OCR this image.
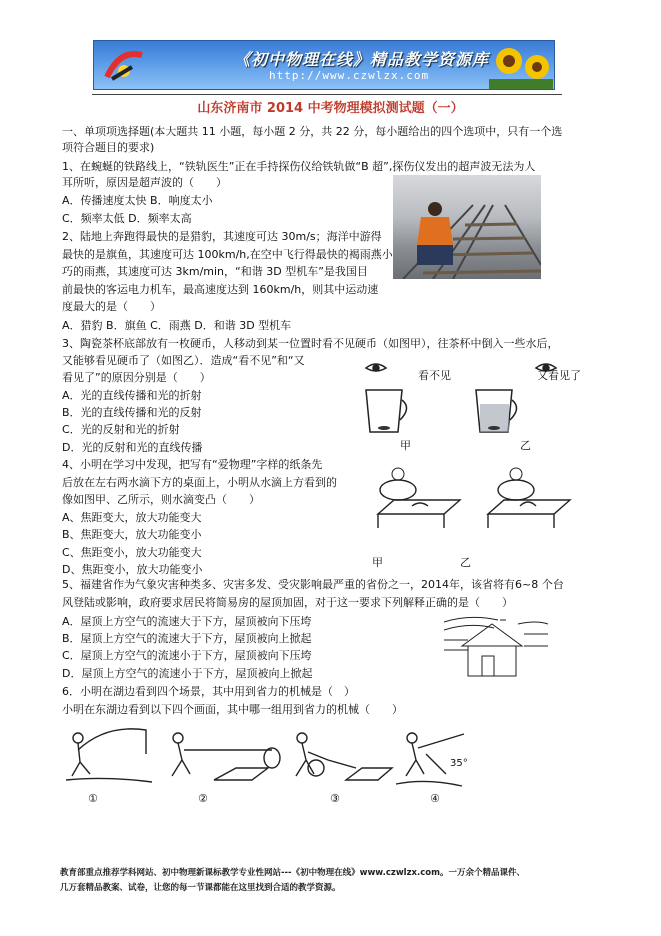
《初中物理在线》精品教学资源库
http://www.czwlzx.com
山东济南市 2014 中考物理模拟测试题（一）
一、单项项选择题(本大题共 11 小题，每小题 2 分，共 22 分，每小题给出的四个选项中，只有一个选
项符合题目的要求)
1、在蜿蜒的铁路线上，“铁轨医生”正在手持探伤仪给铁轨做“B 超”,探伤仪发出的超声波无法为人
耳所听，原因是超声波的（　　）
A．传播速度太快 B．响度太小
C．频率太低 D．频率太高
2、陆地上奔跑得最快的是猎豹，其速度可达 30m/s；海洋中游得
最快的是旗鱼，其速度可达 100km/h,在空中飞行得最快的褐雨燕小
巧的雨燕，其速度可达 3km/min，“和谐 3D 型机车”是我国目
前最快的客运电力机车，最高速度达到 160km/h，则其中运动速
度最大的是（　　）
A．猎豹 B．旗鱼 C．雨燕 D．和谐 3D 型机车
3、陶瓷茶杯底部放有一枚硬币，人移动到某一位置时看不见硬币（如图甲），往茶杯中倒入一些水后，
又能够看见硬币了（如图乙）．造成“看不见”和“又
看见了”的原因分别是（　　）
A．光的直线传播和光的折射
B．光的直线传播和光的反射
C．光的反射和光的折射
D．光的反射和光的直线传播
看不见	又看见了
甲	乙
4、小明在学习中发现，把写有“爱物理”字样的纸条先
后放在左右两水滴下方的桌面上，小明从水滴上方看到的
像如图甲、乙所示，则水滴变凸（　　）
A、焦距变大，放大功能变大
B、焦距变大，放大功能变小
C、焦距变小，放大功能变大
D、焦距变小，放大功能变小
甲	乙
5、福建省作为气象灾害种类多、灾害多发、受灾影响最严重的省份之一，2014年，该省将有6~8 个台
风登陆或影响，政府要求居民将简易房的屋顶加固，对于这一要求下列解释正确的是（　　）
A．屋顶上方空气的流速大于下方，屋顶被向下压垮
B．屋顶上方空气的流速大于下方，屋顶被向上掀起
C．屋顶上方空气的流速小于下方，屋顶被向下压垮
D．屋顶上方空气的流速小于下方，屋顶被向上掀起
6．小明在湖边看到四个场景，其中用到省力的机械是（　）
小明在东湖边看到以下四个画面，其中哪一组用到省力的机械（　　）
35°
①	②	③	④
教育部重点推荐学科网站、初中物理新课标教学专业性网站---《初中物理在线》www.czwlzx.com。一万余个精品课件、
几万套精品教案、试卷，让您的每一节课都能在这里找到合适的教学资源。
